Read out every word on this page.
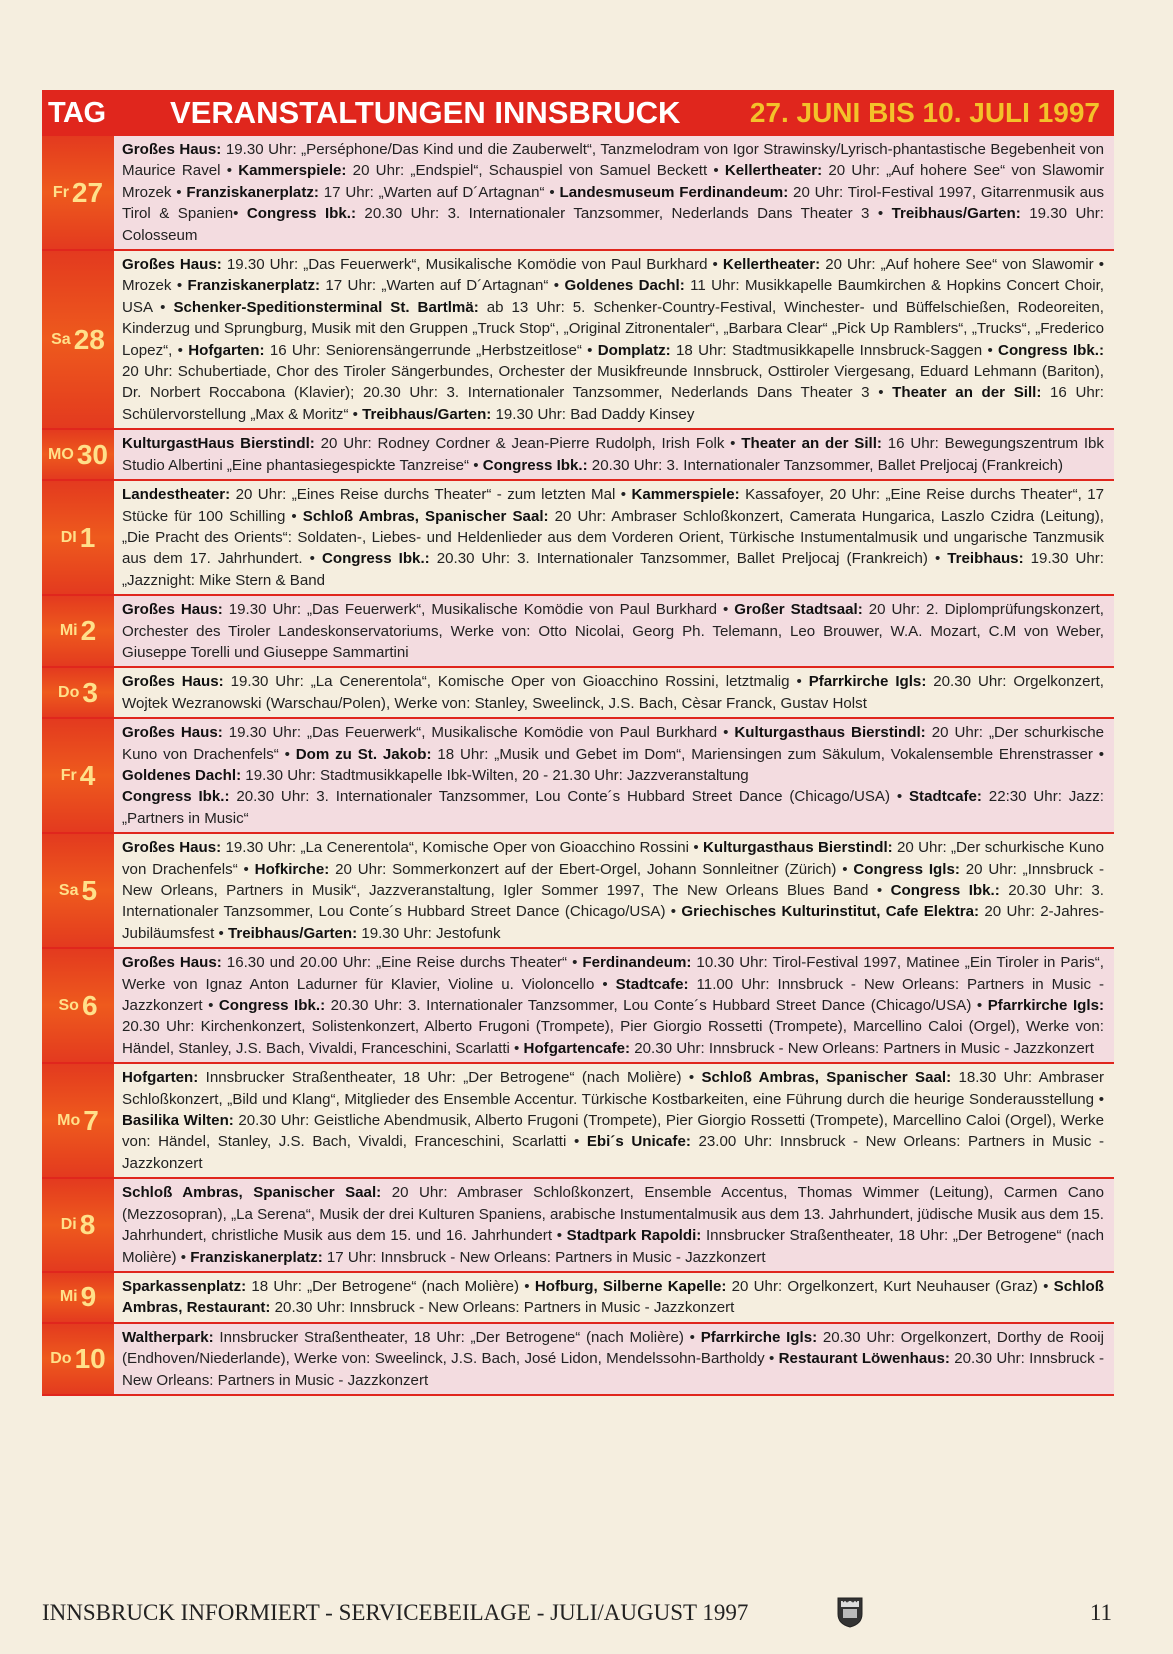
TAG	VERANSTALTUNGEN INNSBRUCK 27. JUNI BIS 10. JULI 1997
Fr 27

Großes Haus: 19.30 Uhr: „Perséphone/Das Kind und die Zauberwelt“, Tanzmelodram von Igor Strawinsky/Lyrisch-phantastische Begebenheit von Maurice Ravel • Kammerspiele: 20 Uhr: „Endspiel“, Schauspiel von Samuel Beckett • Kellertheater: 20 Uhr: „Auf hohere See“ von Slawomir Mrozek • Franziskanerplatz: 17 Uhr: „Warten auf D´Artagnan“ • Landesmuseum Ferdinandeum: 20 Uhr: Tirol-Festival 1997, Gitarrenmusik aus Tirol & Spanien• Congress Ibk.: 20.30 Uhr: 3. Internationaler Tanzsommer, Nederlands Dans Theater 3 • Treibhaus/Garten: 19.30 Uhr: Colosseum

Sa 28

Großes Haus: 19.30 Uhr: „Das Feuerwerk“, Musikalische Komödie von Paul Burkhard • Kellertheater: 20 Uhr: „Auf hohere See“ von Slawomir • Mrozek • Franziskanerplatz: 17 Uhr: „Warten auf D´Artagnan“ • Goldenes Dachl: 11 Uhr: Musikkapelle Baumkirchen & Hopkins Concert Choir, USA • Schenker-Speditionsterminal St. Bartlmä: ab 13 Uhr: 5. Schenker-Country-Festival, Winchester- und Büffelschießen, Rodeoreiten, Kinderzug und Sprungburg, Musik mit den Gruppen „Truck Stop“, „Original Zitronentaler“, „Barbara Clear“ „Pick Up Ramblers“, „Trucks“, „Frederico Lopez“, • Hofgarten: 16 Uhr: Seniorensängerrunde „Herbstzeitlose“ • Domplatz: 18 Uhr: Stadtmusikkapelle Innsbruck-Saggen • Congress Ibk.: 20 Uhr: Schubertiade, Chor des Tiroler Sängerbundes, Orchester der Musikfreunde Innsbruck, Osttiroler Viergesang, Eduard Lehmann (Bariton), Dr. Norbert Roccabona (Klavier); 20.30 Uhr: 3. Internationaler Tanzsommer, Nederlands Dans Theater 3 • Theater an der Sill: 16 Uhr: Schülervorstellung „Max & Moritz“ • Treibhaus/Garten: 19.30 Uhr: Bad Daddy Kinsey

MO 30 KulturgastHaus Bierstindl: 20 Uhr: Rodney Cordner & Jean-Pierre Rudolph, Irish Folk • Theater an der Sill: 16 Uhr: Bewegungszentrum Ibk Studio Albertini „Eine phantasiegespickte Tanzreise“ • Congress Ibk.: 20.30 Uhr: 3. Internationaler Tanzsommer, Ballet Preljocaj (Frankreich)

DI 1

Landestheater: 20 Uhr: „Eines Reise durchs Theater“ - zum letzten Mal • Kammerspiele: Kassafoyer, 20 Uhr: „Eine Reise durchs Theater“, 17 Stücke für 100 Schilling • Schloß Ambras, Spanischer Saal: 20 Uhr: Ambraser Schloßkonzert, Camerata Hungarica, Laszlo Czidra (Leitung), „Die Pracht des Orients“: Soldaten-, Liebes- und Heldenlieder aus dem Vorderen Orient, Türkische Instumentalmusik und ungarische Tanzmusik aus dem 17. Jahrhundert. • Congress Ibk.: 20.30 Uhr: 3. Internationaler Tanzsommer, Ballet Preljocaj (Frankreich) • Treibhaus: 19.30 Uhr: „Jazznight: Mike Stern & Band

Mi 2

Großes Haus: 19.30 Uhr: „Das Feuerwerk“, Musikalische Komödie von Paul Burkhard • Großer Stadtsaal: 20 Uhr: 2. Diplomprüfungskonzert, Orchester des Tiroler Landeskonservatoriums, Werke von: Otto Nicolai, Georg Ph. Telemann, Leo Brouwer, W.A. Mozart, C.M von Weber, Giuseppe Torelli und Giuseppe Sammartini

Do 3 Großes Haus: 19.30 Uhr: „La Cenerentola“, Komische Oper von Gioacchino Rossini, letztmalig • Pfarrkirche Igls: 20.30 Uhr: Orgelkonzert, Wojtek Wezranowski (Warschau/Polen), Werke von: Stanley, Sweelinck, J.S. Bach, Cèsar Franck, Gustav Holst

Fr 4

Großes Haus: 19.30 Uhr: „Das Feuerwerk“, Musikalische Komödie von Paul Burkhard • Kulturgasthaus Bierstindl: 20 Uhr: „Der schurkische Kuno von Drachenfels“ • Dom zu St. Jakob: 18 Uhr: „Musik und Gebet im Dom“, Mariensingen zum Säkulum, Vokalensemble Ehrenstrasser • Goldenes Dachl: 19.30 Uhr: Stadtmusikkapelle Ibk-Wilten, 20 - 21.30 Uhr: Jazzveranstaltung

Congress Ibk.: 20.30 Uhr: 3. Internationaler Tanzsommer, Lou Conte´s Hubbard Street Dance (Chicago/USA) • Stadtcafe: 22:30 Uhr: Jazz: „Partners in Music“

Sa 5

Großes Haus: 19.30 Uhr: „La Cenerentola“, Komische Oper von Gioacchino Rossini • Kulturgasthaus Bierstindl: 20 Uhr: „Der schurkische Kuno von Drachenfels“ • Hofkirche: 20 Uhr: Sommerkonzert auf der Ebert-Orgel, Johann Sonnleitner (Zürich) • Congress Igls: 20 Uhr: „Innsbruck - New Orleans, Partners in Musik“, Jazzveranstaltung, Igler Sommer 1997, The New Orleans Blues Band • Congress Ibk.: 20.30 Uhr: 3. Internationaler Tanzsommer, Lou Conte´s Hubbard Street Dance (Chicago/USA) • Griechisches Kulturinstitut, Cafe Elektra: 20 Uhr: 2-Jahres-Jubiläumsfest • Treibhaus/Garten: 19.30 Uhr: Jestofunk

So 6

Großes Haus: 16.30 und 20.00 Uhr: „Eine Reise durchs Theater“ • Ferdinandeum: 10.30 Uhr: Tirol-Festival 1997, Matinee „Ein Tiroler in Paris“, Werke von Ignaz Anton Ladurner für Klavier, Violine u. Violoncello • Stadtcafe: 11.00 Uhr: Innsbruck - New Orleans: Partners in Music - Jazzkonzert • Congress Ibk.: 20.30 Uhr: 3. Internationaler Tanzsommer, Lou Conte´s Hubbard Street Dance (Chicago/USA) • Pfarrkirche Igls: 20.30 Uhr: Kirchenkonzert, Solistenkonzert, Alberto Frugoni (Trompete), Pier Giorgio Rossetti (Trompete), Marcellino Caloi (Orgel), Werke von: Händel, Stanley, J.S. Bach, Vivaldi, Franceschini, Scarlatti • Hofgartencafe: 20.30 Uhr: Innsbruck - New Orleans: Partners in Music - Jazzkonzert

Mo 7

Hofgarten: Innsbrucker Straßentheater, 18 Uhr: „Der Betrogene“ (nach Molière) • Schloß Ambras, Spanischer Saal: 18.30 Uhr: Ambraser Schloßkonzert, „Bild und Klang“, Mitglieder des Ensemble Accentur. Türkische Kostbarkeiten, eine Führung durch die heurige Sonderausstellung • Basilika Wilten: 20.30 Uhr: Geistliche Abendmusik, Alberto Frugoni (Trompete), Pier Giorgio Rossetti (Trompete), Marcellino Caloi (Orgel), Werke von: Händel, Stanley, J.S. Bach, Vivaldi, Franceschini, Scarlatti • Ebi´s Unicafe: 23.00 Uhr: Innsbruck - New Orleans: Partners in Music - Jazzkonzert

Di 8

Schloß Ambras, Spanischer Saal: 20 Uhr: Ambraser Schloßkonzert, Ensemble Accentus, Thomas Wimmer (Leitung), Carmen Cano (Mezzosopran), „La Serena“, Musik der drei Kulturen Spaniens, arabische Instumentalmusik aus dem 13. Jahrhundert, jüdische Musik aus dem 15. Jahrhundert, christliche Musik aus dem 15. und 16. Jahrhundert • Stadtpark Rapoldi: Innsbrucker Straßentheater, 18 Uhr: „Der Betrogene“ (nach Molière) • Franziskanerplatz: 17 Uhr: Innsbruck - New Orleans: Partners in Music - Jazzkonzert

Mi 9 Sparkassenplatz: 18 Uhr: „Der Betrogene“ (nach Molière) • Hofburg, Silberne Kapelle: 20 Uhr: Orgelkonzert, Kurt Neuhauser (Graz) • Schloß Ambras, Restaurant: 20.30 Uhr: Innsbruck - New Orleans: Partners in Music - Jazzkonzert

Do 10

Waltherpark: Innsbrucker Straßentheater, 18 Uhr: „Der Betrogene“ (nach Molière) • Pfarrkirche Igls: 20.30 Uhr: Orgelkonzert, Dorthy de Rooij (Endhoven/Niederlande), Werke von: Sweelinck, J.S. Bach, José Lidon, Mendelssohn-Bartholdy • Restaurant Löwenhaus: 20.30 Uhr: Innsbruck - New Orleans: Partners in Music - Jazzkonzert

INNSBRUCK INFORMIERT - SERVICEBEILAGE - JULI/AUGUST 1997	11
